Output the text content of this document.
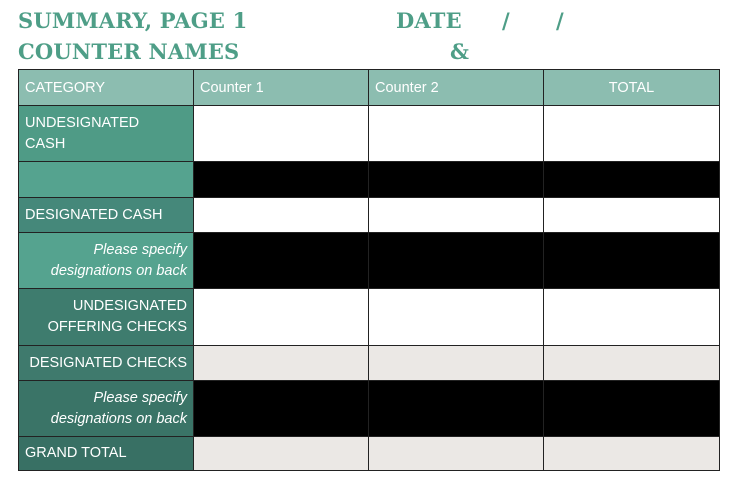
SUMMARY, PAGE 1	DATE / /
COUNTER NAMES	&
CATEGORY	Counter 1	Counter 2	TOTAL

UNDESIGNATED
CASH			

DESIGNATED CASH			

Please specify
designations on back			

UNDESIGNATED
OFFERING CHECKS			

DESIGNATED CHECKS			

Please specify
designations on back			

GRAND TOTAL			
